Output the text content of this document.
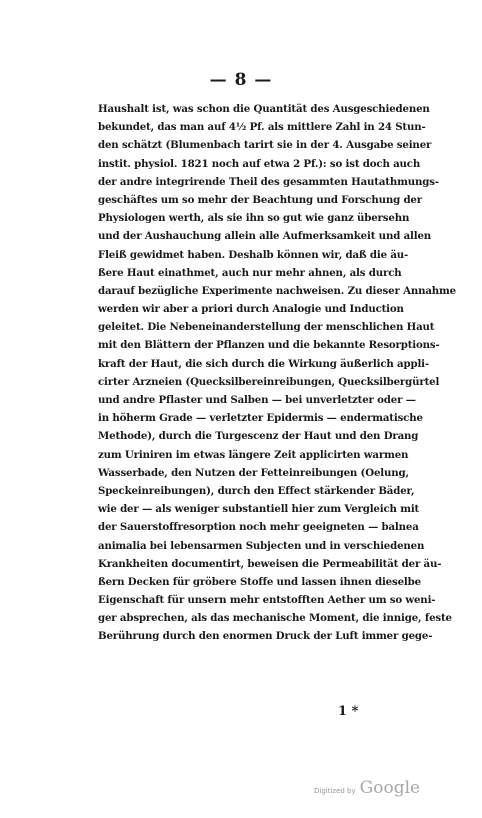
— 8 —
Haushalt ist, was schon die Quantität des Ausgeschiedenen
bekundet, das man auf 4½ Pf. als mittlere Zahl in 24 Stun-
den schätzt (Blumenbach tarirt sie in der 4. Ausgabe seiner
instit. physiol. 1821 noch auf etwa 2 Pf.): so ist doch auch
der andre integrirende Theil des gesammten Hautathmungs-
geschäftes um so mehr der Beachtung und Forschung der
Physiologen werth, als sie ihn so gut wie ganz übersehn
und der Aushauchung allein alle Aufmerksamkeit und allen
Fleiß gewidmet haben. Deshalb können wir, daß die äu-
ßere Haut einathmet, auch nur mehr ahnen, als durch
darauf bezügliche Experimente nachweisen. Zu dieser Annahme
werden wir aber a priori durch Analogie und Induction
geleitet. Die Nebeneinanderstellung der menschlichen Haut
mit den Blättern der Pflanzen und die bekannte Resorptions-
kraft der Haut, die sich durch die Wirkung äußerlich appli-
cirter Arzneien (Quecksilbereinreibungen, Quecksilbergürtel
und andre Pflaster und Salben — bei unverletzter oder —
in höherm Grade — verletzter Epidermis — endermatische
Methode), durch die Turgescenz der Haut und den Drang
zum Uriniren im etwas längere Zeit applicirten warmen
Wasserbade, den Nutzen der Fetteinreibungen (Oelung,
Speckeinreibungen), durch den Effect stärkender Bäder,
wie der — als weniger substantiell hier zum Vergleich mit
der Sauerstoffresorption noch mehr geeigneten — balnea
animalia bei lebensarmen Subjecten und in verschiedenen
Krankheiten documentirt, beweisen die Permeabilität der äu-
ßern Decken für gröbere Stoffe und lassen ihnen dieselbe
Eigenschaft für unsern mehr entstofften Aether um so weni-
ger absprechen, als das mechanische Moment, die innige, feste
Berührung durch den enormen Druck der Luft immer gege-
1 *
Digitized by Google
